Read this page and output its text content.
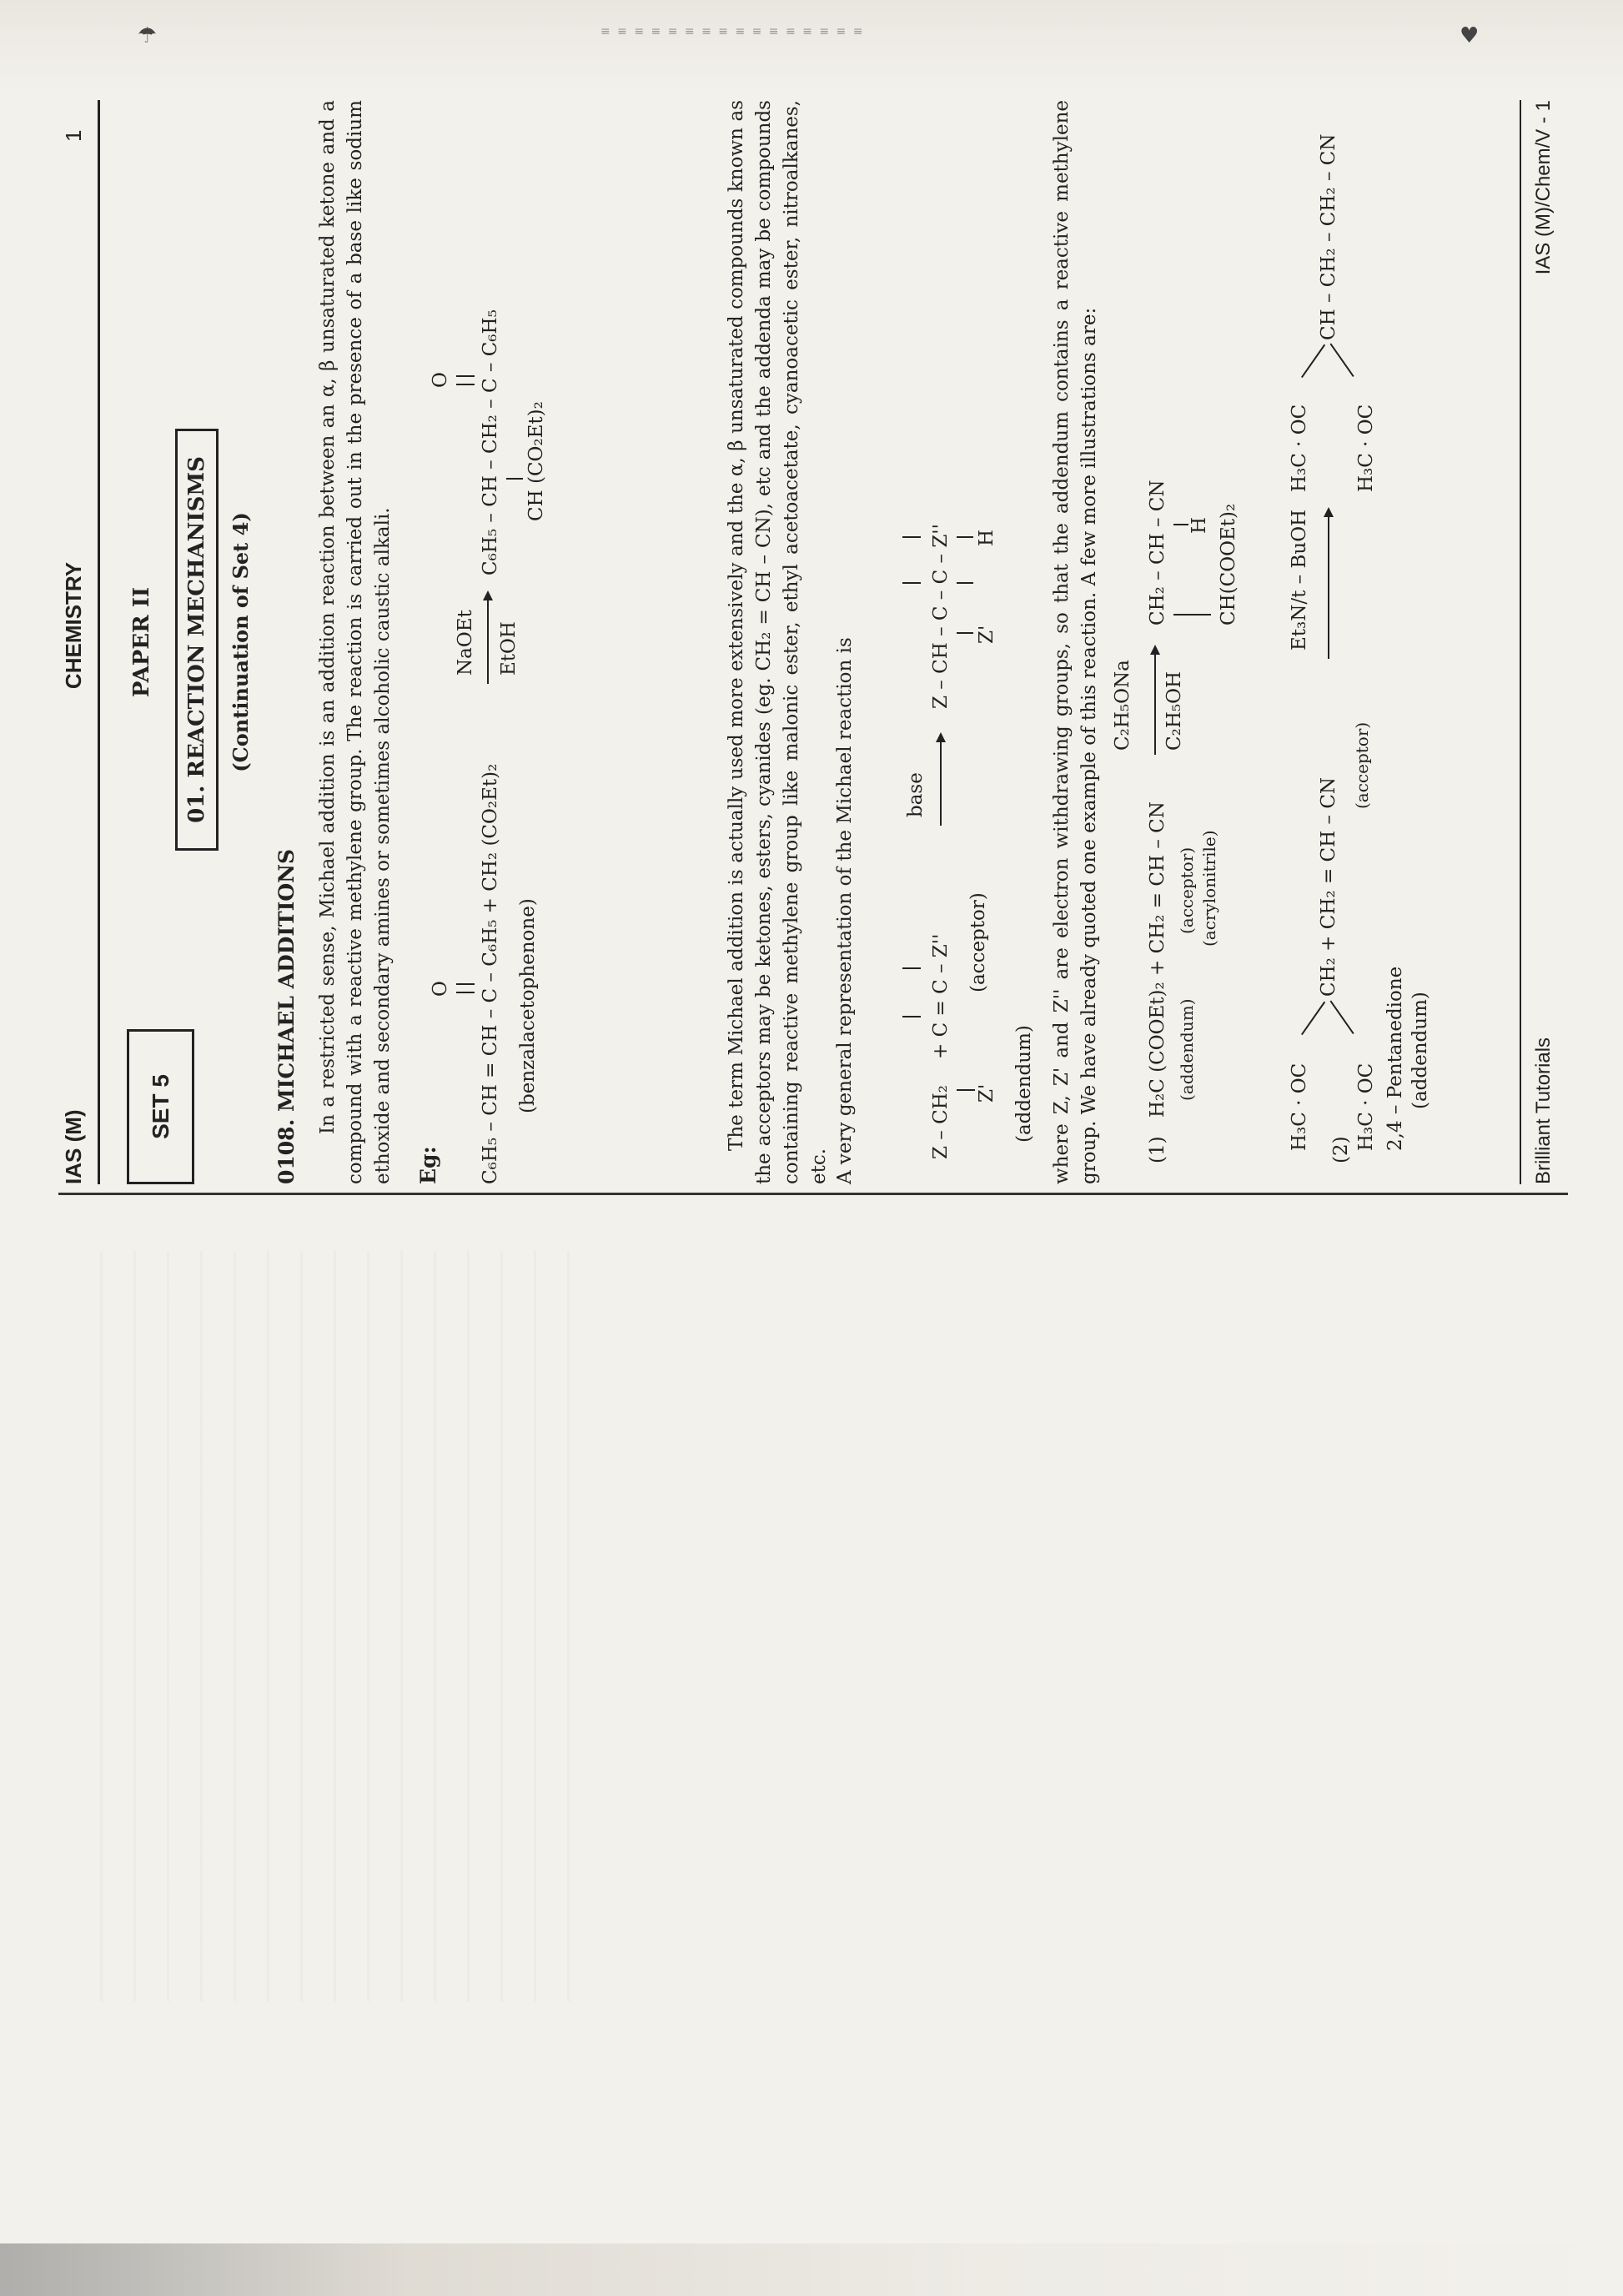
☂	♥
≡ ≡ ≡ ≡ ≡ ≡ ≡ ≡ ≡ ≡ ≡ ≡ ≡ ≡ ≡ ≡
IAS (M)
CHEMISTRY
1
SET 5
PAPER II	01. REACTION MECHANISMS (Continuation of Set 4)
0108. MICHAEL ADDITIONS In a restricted sense, Michael addition is an addition reaction between an α, β unsaturated ketone and a compound with a reactive methylene group. The reaction is carried out in the presence of a base like sodium ethoxide and secondary amines or sometimes alcoholic caustic alkali. Eg:
O C₆H₅ – CH = CH – C – C₆H₅ + CH₂ (CO₂Et)₂ (benzalacetophenone)
NaOEt EtOH
O C₆H₅ – CH – CH₂ – C – C₆H₅ CH (CO₂Et)₂	The term Michael addition is actually used more extensively and the α, β unsaturated compounds known as the acceptors may be ketones, esters, cyanides (eg. CH₂ = CH – CN), etc and the addenda may be compounds containing reactive methylene group like malonic ester, ethyl acetoacetate, cyanoacetic ester, nitroalkanes, etc. A very general representation of the Michael reaction is	Z – CH₂ Z' (addendum)
+ C = C – Z'' (acceptor)
base
Z – CH – C – C – Z'' Z'
H	where Z, Z' and Z'' are electron withdrawing groups, so that the addendum contains a reactive methylene group. We have already quoted one example of this reaction. A few more illustrations are: (1)
H₂C (COOEt)₂ + CH₂ = CH – CN (addendum)
(acceptor) (acrylonitrile)
C₂H₅ONa C₂H₅OH
CH₂ – CH – CN H CH(COOEt)₂
(2)
H₃C · OC
CH₂ + CH₂ = CH – CN
H₃C · OC 2,4 – Pentanedione (addendum)
(acceptor)
Et₃N/t – BuOH
H₃C · OC
CH – CH₂ – CH₂ – CN
H₃C · OC
Brilliant Tutorials
IAS (M)/Chem/V - 1
